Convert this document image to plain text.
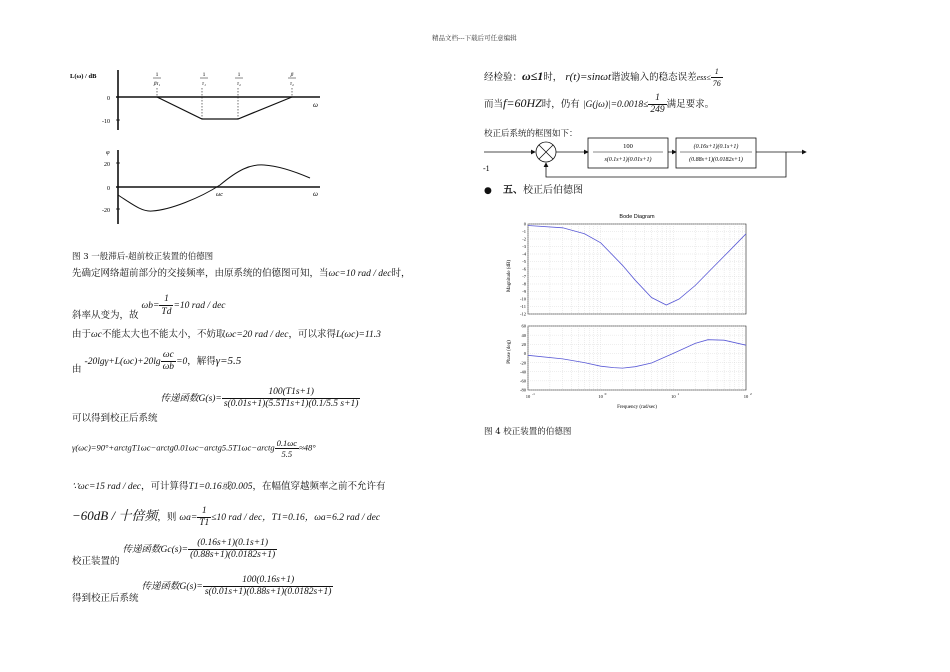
精品文档---下载后可任意编辑
L(ω) / dB
0
-10
ω
1
βτ₁
1
τ₁
1
τ₂
β
τ₂
φ
20
0
-20
ωc	ω
图 3 一般滞后-超前校正装置的伯德图
先确定网络超前部分的交接频率，由原系统的伯德图可知，当ωc=10 rad / dec时，
斜率从变为，故 $\omega b= \frac{1}{Td} =10$ rad / dec
由于ωc不能太大也不能太小，不妨取ωc=20 rad / dec，可以求得L(ωc)=11.3
由 $-20\lg\gamma+L(\omega c)+20\lg \frac{\omega c}{\omega b} =0$，解得γ=5.5
可以得到校正后系统 传递函数$G(s)= \frac{100(T1s+1)}{s(0.01s+1)(5.5T1s+1)(0.1/5.5 s+1)}$
γ(ωc)=90°+arctgT1ωc−arctg0.01ωc−arctg5.5T1ωc−arctg $\frac{0.1\omega c}{5.5} \approx 48^\circ$
∵ωc=15 rad / dec，可计算得T1=0.16或0.005，在幅值穿越频率之前不允许有
−60dB / 十倍频，则 $\omega a= \frac{1}{T1} \le 10$ rad / dec，T1=0.16，ωa=6.2 rad / dec
校正装置的 传递函数$Gc(s)= \frac{(0.16s+1)(0.1s+1)}{(0.88s+1)(0.0182s+1)}$
得到校正后系统 传递函数$G(s)= \frac{100(0.16s+1)}{s(0.01s+1)(0.88s+1)(0.0182s+1)}$
经检验：ω≤1时， r(t)=sinωt谐波输入的稳态误差$ess\le \frac{1}{76}$
而当f=60HZ时，仍有 $|G(j\omega)|=0.0018\le \frac{1}{249}$ 满足要求。
校正后系统的框图如下：
100
s(0.1s+1)(0.01s+1)
(0.16s+1)(0.1s+1)
(0.88s+1)(0.0182s+1)
-1
● 五、校正后伯德图
Bode Diagram
0
-1
-2
-3
-4
-5
-6
-7
-8
-9
-10
-11
-12
60
40
20
0
-20
-40
-60
-80
Magnitude (dB)
Phase (deg)
Frequency (rad/sec)
10 -1	10 0	10 1	10 2
图 4 校正装置的伯德图
